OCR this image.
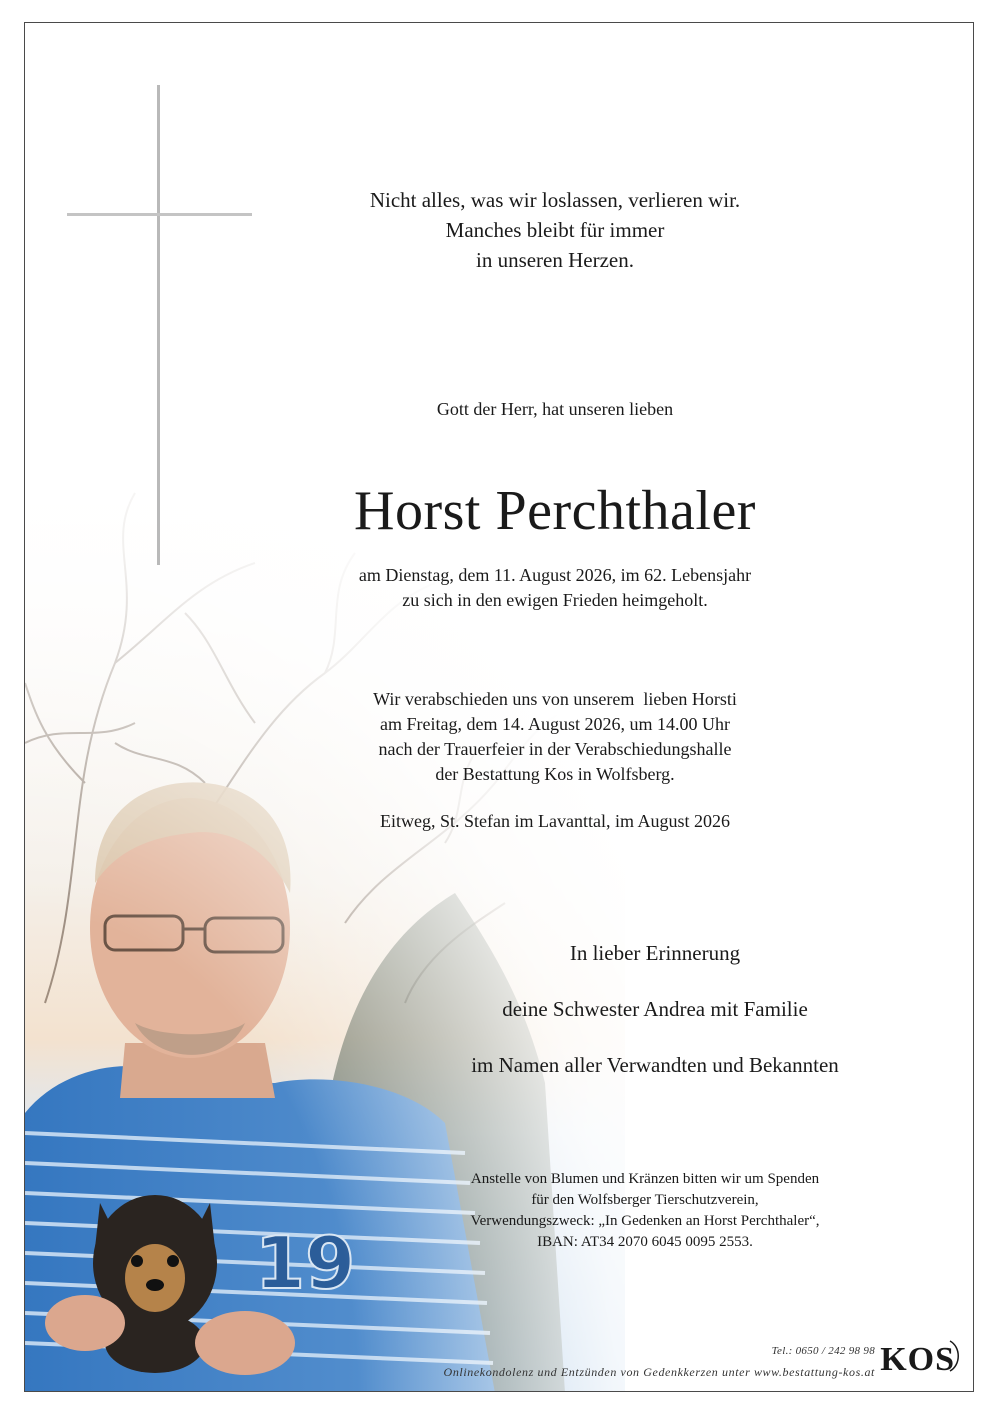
Nicht alles, was wir loslassen, verlieren wir.
Manches bleibt für immer
in unseren Herzen.
Gott der Herr, hat unseren lieben
Horst Perchthaler
am Dienstag, dem 11. August 2026, im 62. Lebensjahr
zu sich in den ewigen Frieden heimgeholt.
Wir verabschieden uns von unserem  lieben Horsti
am Freitag, dem 14. August 2026, um 14.00 Uhr
nach der Trauerfeier in der Verabschiedungshalle
der Bestattung Kos in Wolfsberg.
Eitweg, St. Stefan im Lavanttal, im August 2026
In lieber Erinnerung
deine Schwester Andrea mit Familie
im Namen aller Verwandten und Bekannten
Anstelle von Blumen und Kränzen bitten wir um Spenden
für den Wolfsberger Tierschutzverein,
Verwendungszweck: „In Gedenken an Horst Perchthaler“,
IBAN: AT34 2070 6045 0095 2553.
Tel.: 0650 / 242 98 98
Onlinekondolenz und Entzünden von Gedenkkerzen unter www.bestattung-kos.at KOS
